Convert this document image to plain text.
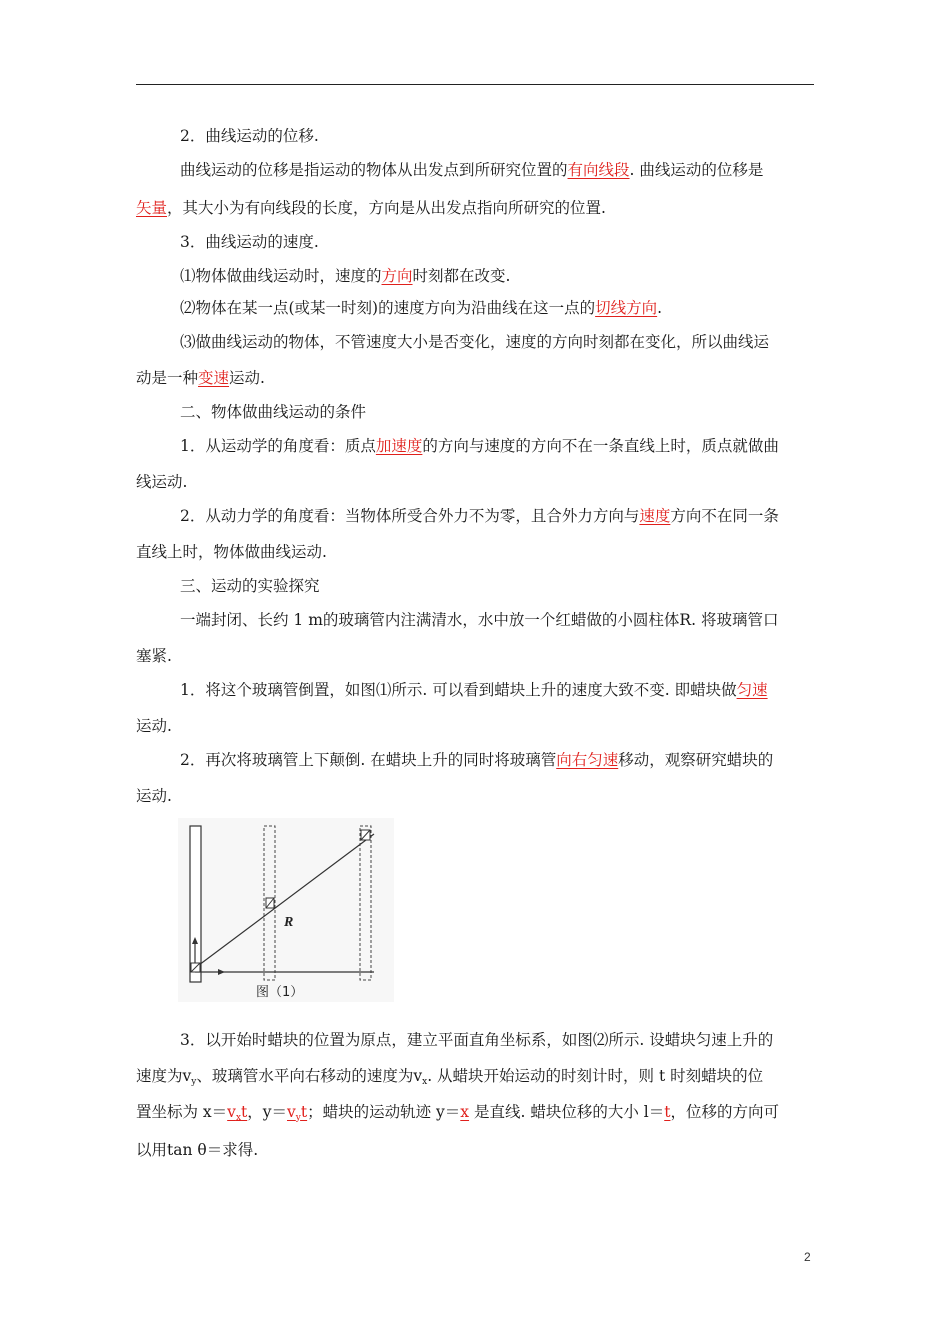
2．曲线运动的位移.
曲线运动的位移是指运动的物体从出发点到所研究位置的有向线段. 曲线运动的位移是
矢量，其大小为有向线段的长度，方向是从出发点指向所研究的位置.
3．曲线运动的速度.
⑴物体做曲线运动时，速度的方向时刻都在改变.
⑵物体在某一点(或某一时刻)的速度方向为沿曲线在这一点的切线方向.
⑶做曲线运动的物体，不管速度大小是否变化，速度的方向时刻都在变化，所以曲线运
动是一种变速运动.
二、物体做曲线运动的条件
1．从运动学的角度看：质点加速度的方向与速度的方向不在一条直线上时，质点就做曲
线运动.
2．从动力学的角度看：当物体所受合外力不为零，且合外力方向与速度方向不在同一条
直线上时，物体做曲线运动.
三、运动的实验探究
一端封闭、长约 1 m的玻璃管内注满清水，水中放一个红蜡做的小圆柱体R. 将玻璃管口
塞紧.
1．将这个玻璃管倒置，如图⑴所示. 可以看到蜡块上升的速度大致不变. 即蜡块做匀速
运动.
2．再次将玻璃管上下颠倒. 在蜡块上升的同时将玻璃管向右匀速移动，观察研究蜡块的
运动.
R
图（1）
3．以开始时蜡块的位置为原点，建立平面直角坐标系，如图⑵所示. 设蜡块匀速上升的
速度为$v_y$、玻璃管水平向右移动的速度为$v_x$. 从蜡块开始运动的时刻计时，则 t 时刻蜡块的位
置坐标为 $x=v_xt$，$y=v_yt$；蜡块的运动轨迹 y＝x 是直线. 蜡块位移的大小 l＝t，位移的方向可
以用tan θ＝求得.
2
